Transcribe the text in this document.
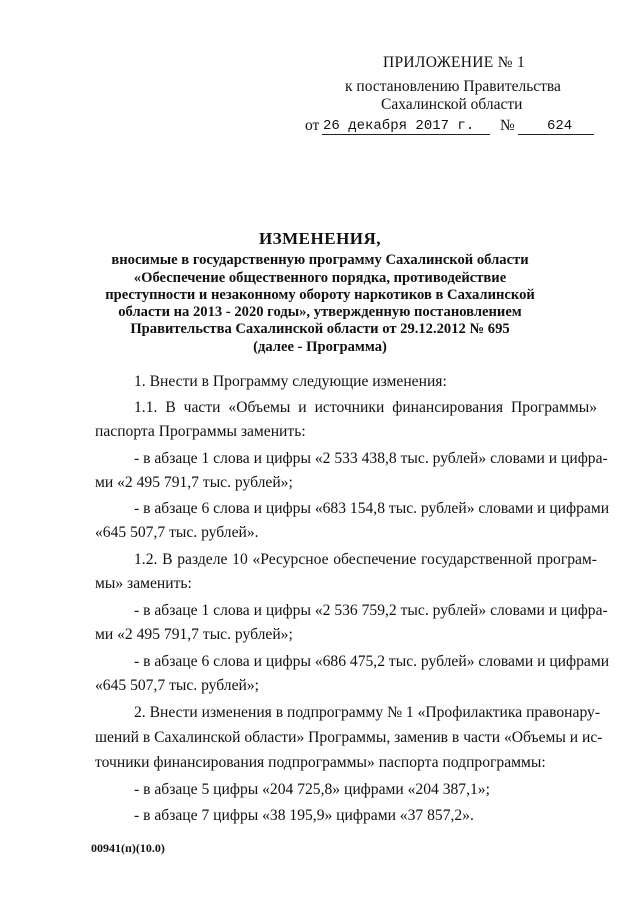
ПРИЛОЖЕНИЕ № 1
к постановлению Правительства
Сахалинской области
от 26 декабря 2017 г. № 624
ИЗМЕНЕНИЯ,
вносимые в государственную программу Сахалинской области
«Обеспечение общественного порядка, противодействие
преступности и незаконному обороту наркотиков в Сахалинской
области на 2013 - 2020 годы», утвержденную постановлением
Правительства Сахалинской области от 29.12.2012 № 695
(далее - Программа)
1. Внести в Программу следующие изменения:
1.1. В части «Объемы и источники финансирования Программы»
паспорта Программы заменить:
- в абзаце 1 слова и цифры «2 533 438,8 тыс. рублей» словами и цифра-
ми «2 495 791,7 тыс. рублей»;
- в абзаце 6 слова и цифры «683 154,8 тыс. рублей» словами и цифрами
«645 507,7 тыс. рублей».
1.2. В разделе 10 «Ресурсное обеспечение государственной програм-
мы» заменить:
- в абзаце 1 слова и цифры «2 536 759,2 тыс. рублей» словами и цифра-
ми «2 495 791,7 тыс. рублей»;
- в абзаце 6 слова и цифры «686 475,2 тыс. рублей» словами и цифрами
«645 507,7 тыс. рублей»;
2. Внести изменения в подпрограмму № 1 «Профилактика правонару-
шений в Сахалинской области» Программы, заменив в части «Объемы и ис-
точники финансирования подпрограммы» паспорта подпрограммы:
- в абзаце 5 цифры «204 725,8» цифрами «204 387,1»;
- в абзаце 7 цифры «38 195,9» цифрами «37 857,2».
00941(п)(10.0)
